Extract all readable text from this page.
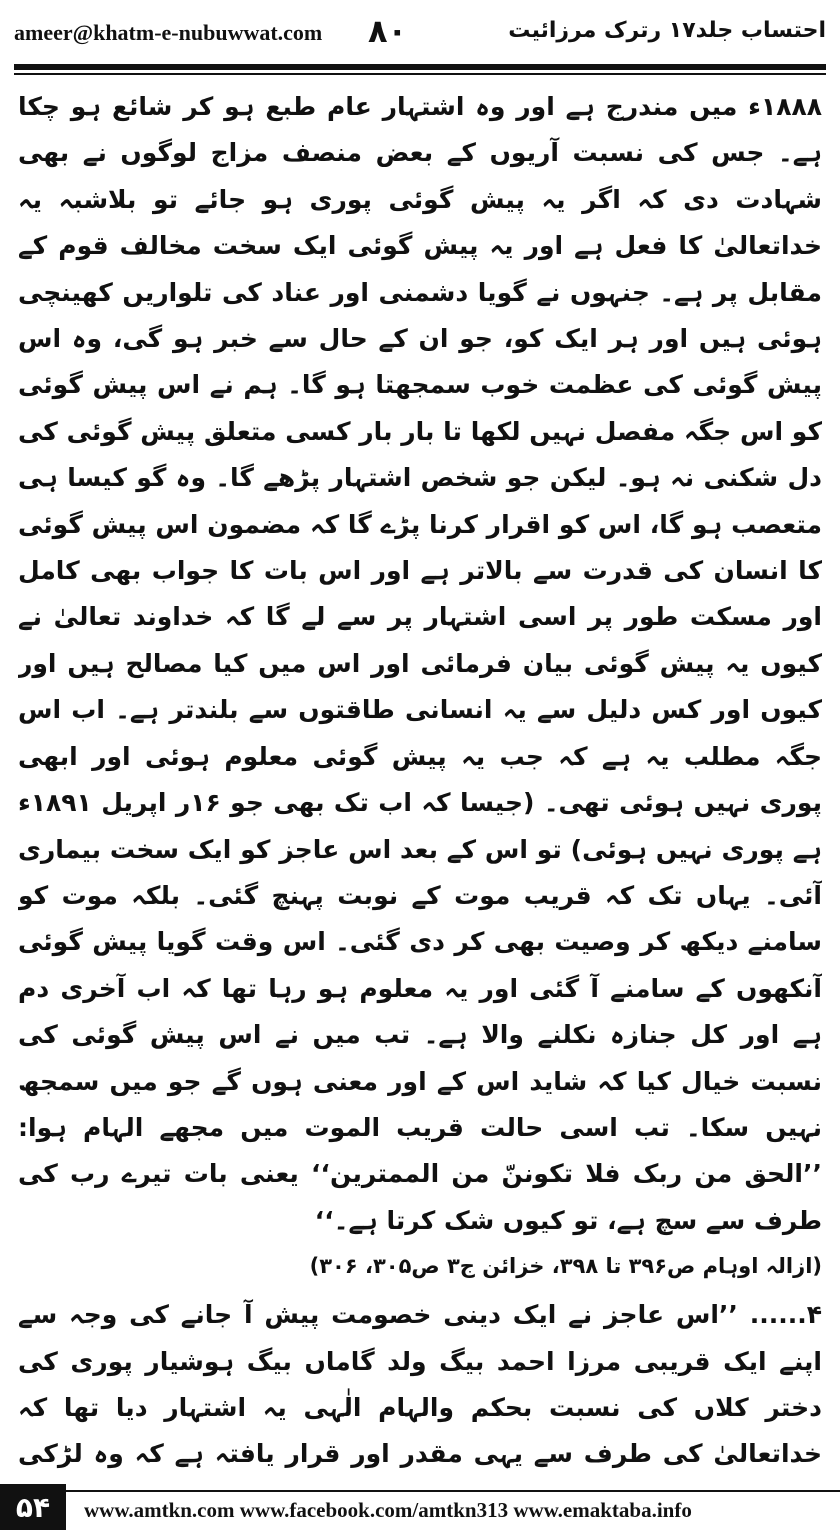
ameer@khatm-e-nubuwwat.com ۸۰	احتساب جلد۱۷ رترک مرزائیت

۱۸۸۸ء میں مندرج ہے اور وہ اشتہار عام طبع ہو کر شائع ہو چکا ہے۔ جس کی نسبت آریوں کے بعض منصف مزاج لوگوں نے بھی شہادت دی کہ اگر یہ پیش گوئی پوری ہو جائے تو بلاشبہ یہ خداتعالیٰ کا فعل ہے اور یہ پیش گوئی ایک سخت مخالف قوم کے مقابل پر ہے۔ جنہوں نے گویا دشمنی اور عناد کی تلواریں کھینچی ہوئی ہیں اور ہر ایک کو، جو ان کے حال سے خبر ہو گی، وہ اس پیش گوئی کی عظمت خوب سمجھتا ہو گا۔ ہم نے اس پیش گوئی کو اس جگہ مفصل نہیں لکھا تا بار بار کسی متعلق پیش گوئی کی دل شکنی نہ ہو۔ لیکن جو شخص اشتہار پڑھے گا۔ وہ گو کیسا ہی متعصب ہو گا، اس کو اقرار کرنا پڑے گا کہ مضمون اس پیش گوئی کا انسان کی قدرت سے بالاتر ہے اور اس بات کا جواب بھی کامل اور مسکت طور پر اسی اشتہار پر سے لے گا کہ خداوند تعالیٰ نے کیوں یہ پیش گوئی بیان فرمائی اور اس میں کیا مصالح ہیں اور کیوں اور کس دلیل سے یہ انسانی طاقتوں سے بلندتر ہے۔ اب اس جگہ مطلب یہ ہے کہ جب یہ پیش گوئی معلوم ہوئی اور ابھی پوری نہیں ہوئی تھی۔ (جیسا کہ اب تک بھی جو ۱۶ر اپریل ۱۸۹۱ء ہے پوری نہیں ہوئی) تو اس کے بعد اس عاجز کو ایک سخت بیماری آئی۔ یہاں تک کہ قریب موت کے نوبت پہنچ گئی۔ بلکہ موت کو سامنے دیکھ کر وصیت بھی کر دی گئی۔ اس وقت گویا پیش گوئی آنکھوں کے سامنے آ گئی اور یہ معلوم ہو رہا تھا کہ اب آخری دم ہے اور کل جنازہ نکلنے والا ہے۔ تب میں نے اس پیش گوئی کی نسبت خیال کیا کہ شاید اس کے اور معنی ہوں گے جو میں سمجھ نہیں سکا۔ تب اسی حالت قریب الموت میں مجھے الہام ہوا: ’’الحق من ربک فلا تکوننّ من الممترین‘‘ یعنی بات تیرے رب کی طرف سے سچ ہے، تو کیوں شک کرتا ہے۔‘‘

(ازالہ اوہام ص۳۹۶ تا ۳۹۸، خزائن ج۳ ص۳۰۵، ۳۰۶)

۴...... ’’اس عاجز نے ایک دینی خصومت پیش آ جانے کی وجہ سے اپنے ایک قریبی مرزا احمد بیگ ولد گاماں بیگ ہوشیار پوری کی دختر کلاں کی نسبت بحکم والہام الٰہی یہ اشتہار دیا تھا کہ خداتعالیٰ کی طرف سے یہی مقدر اور قرار یافتہ ہے کہ وہ لڑکی

۵۴	www.amtkn.com www.facebook.com/amtkn313 www.emaktaba.info
